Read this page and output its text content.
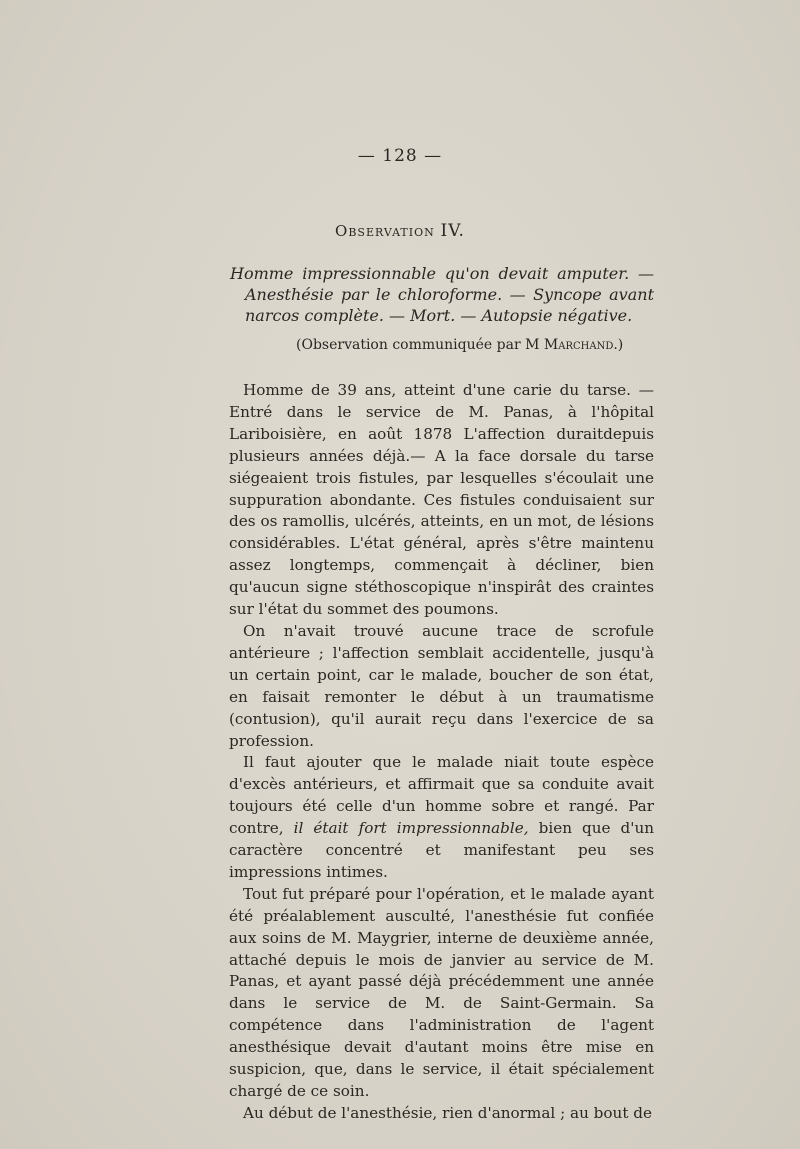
— 128 —
Observation IV.

Homme impressionnable qu'on devait amputer. — Anesthésie par le chloroforme. — Syncope avant narcos complète. — Mort. — Autopsie négative.

(Observation communiquée par M Marchand.)

Homme de 39 ans, atteint d'une carie du tarse. — Entré dans le service de M. Panas, à l'hôpital Lariboisière, en août 1878 L'affection duraitdepuis plusieurs années déjà.— A la face dorsale du tarse siégeaient trois fistules, par lesquelles s'écoulait une suppuration abondante. Ces fistules conduisaient sur des os ramollis, ulcérés, atteints, en un mot, de lésions considérables. L'état général, après s'être maintenu assez longtemps, commençait à décliner, bien qu'aucun signe stéthoscopique n'inspirât des craintes sur l'état du sommet des poumons.

On n'avait trouvé aucune trace de scrofule antérieure ; l'affection semblait accidentelle, jusqu'à un certain point, car le malade, boucher de son état, en faisait remonter le début à un traumatisme (contusion), qu'il aurait reçu dans l'exercice de sa profession.

Il faut ajouter que le malade niait toute espèce d'excès antérieurs, et affirmait que sa conduite avait toujours été celle d'un homme sobre et rangé. Par contre, il était fort impressionnable, bien que d'un caractère concentré et manifestant peu ses impressions intimes.

Tout fut préparé pour l'opération, et le malade ayant été préalablement ausculté, l'anesthésie fut confiée aux soins de M. Maygrier, interne de deuxième année, attaché depuis le mois de janvier au service de M. Panas, et ayant passé déjà précédemment une année dans le service de M. de Saint-Germain. Sa compétence dans l'administration de l'agent anesthésique devait d'autant moins être mise en suspicion, que, dans le service, il était spécialement chargé de ce soin.

Au début de l'anesthésie, rien d'anormal ; au bout de
